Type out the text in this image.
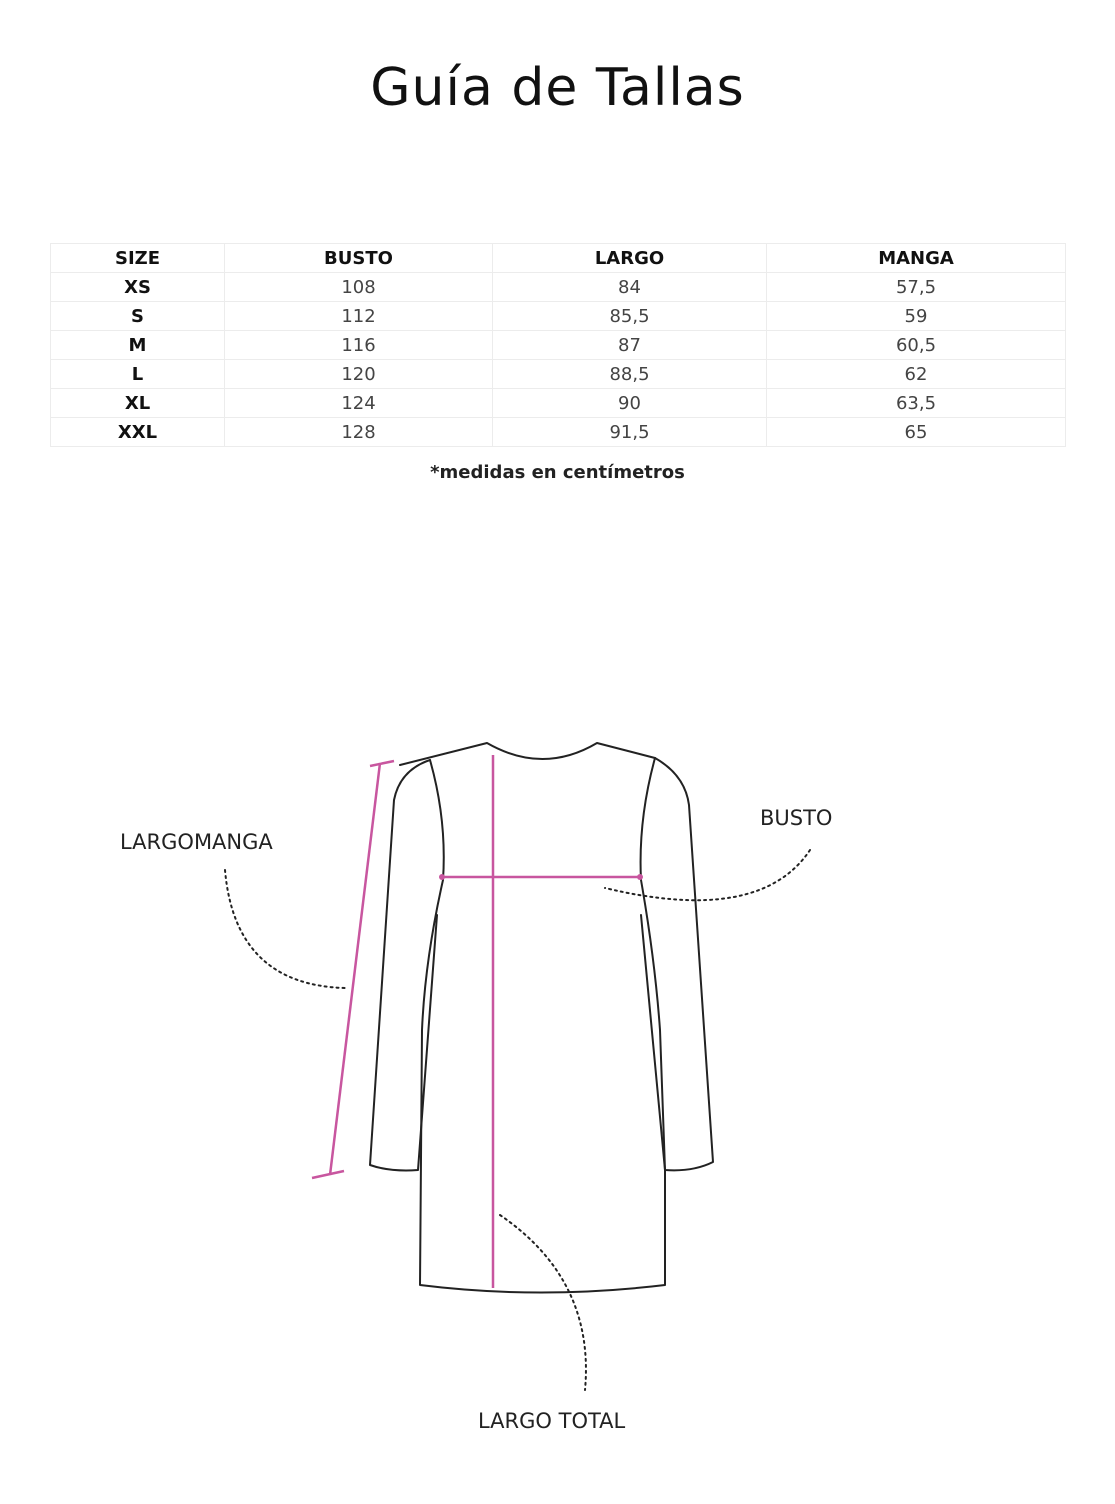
Guía de Tallas
SIZE	BUSTO	LARGO	MANGA
XS	108	84	57,5
S	112	85,5	59
M	116	87	60,5
L	120	88,5	62
XL	124	90	63,5
XXL	128	91,5	65
*medidas en centímetros
LARGOMANGA
BUSTO
LARGO TOTAL
